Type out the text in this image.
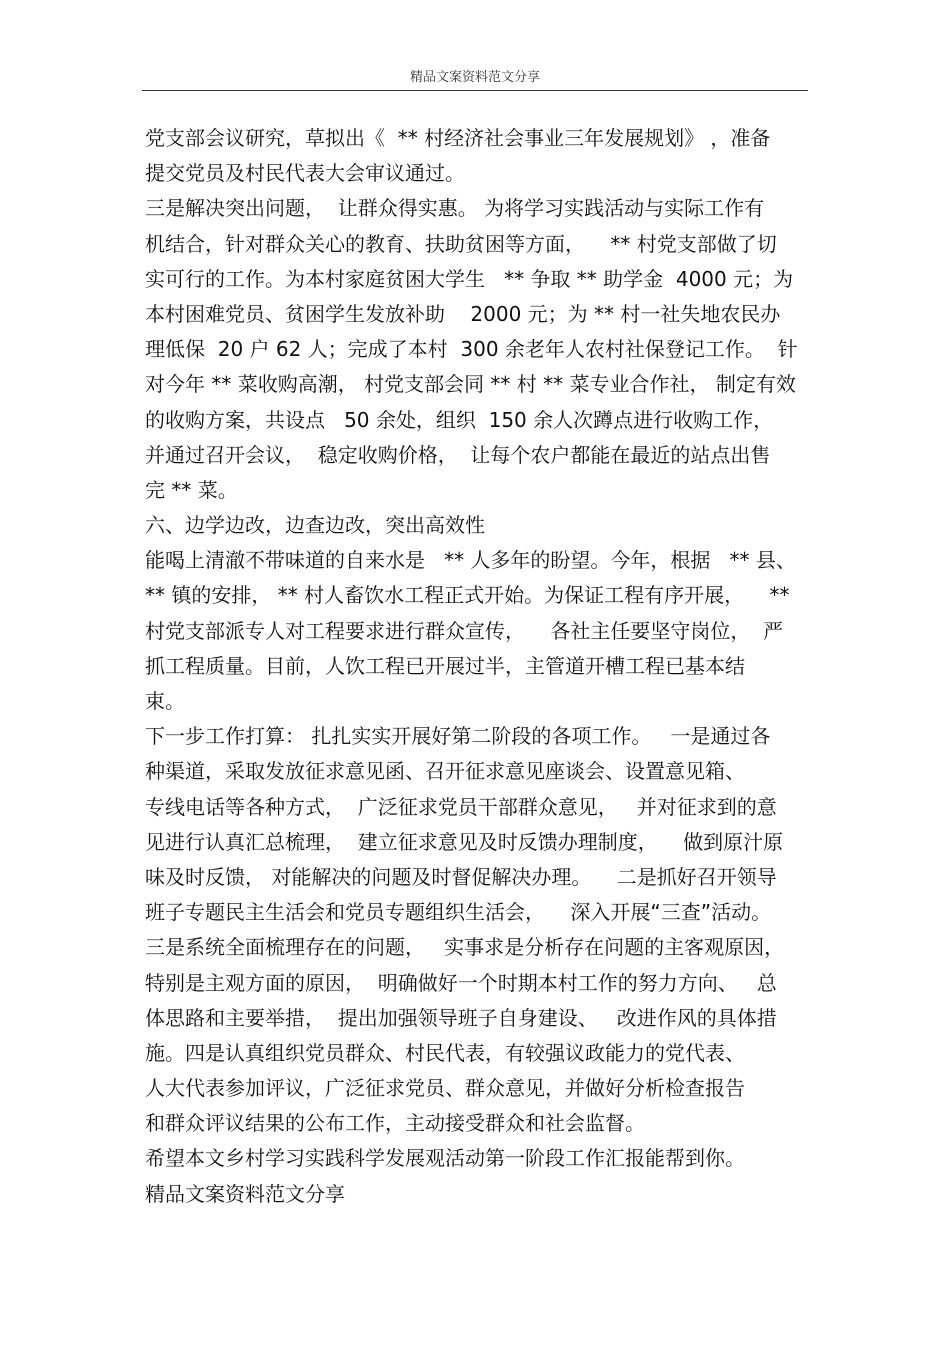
精品文案资料范文分享
党支部会议研究，草拟出《  ** 村经济社会事业三年发展规划》 ，准备
提交党员及村民代表大会审议通过。
三是解决突出问题，  让群众得实惠。 为将学习实践活动与实际工作有
机结合，针对群众关心的教育、扶助贫困等方面，    ** 村党支部做了切
实可行的工作。为本村家庭贫困大学生   ** 争取 ** 助学金  4000 元；为
本村困难党员、贫困学生发放补助    2000 元；为 ** 村一社失地农民办
理低保  20 户 62 人；完成了本村  300 余老年人农村社保登记工作。  针
对今年 ** 菜收购高潮， 村党支部会同 ** 村 ** 菜专业合作社， 制定有效
的收购方案，共设点   50 余处，组织  150 余人次蹲点进行收购工作，
并通过召开会议，  稳定收购价格，  让每个农户都能在最近的站点出售
完 ** 菜。
六、边学边改，边查边改，突出高效性
能喝上清澈不带味道的自来水是   ** 人多年的盼望。今年，根据   ** 县、
** 镇的安排， ** 村人畜饮水工程正式开始。为保证工程有序开展，    **
村党支部派专人对工程要求进行群众宣传，    各社主任要坚守岗位，  严
抓工程质量。目前，人饮工程已开展过半，主管道开槽工程已基本结
束。
下一步工作打算： 扎扎实实开展好第二阶段的各项工作。   一是通过各
种渠道，采取发放征求意见函、召开征求意见座谈会、设置意见箱、
专线电话等各种方式，  广泛征求党员干部群众意见，   并对征求到的意
见进行认真汇总梳理，  建立征求意见及时反馈办理制度，    做到原汁原
味及时反馈， 对能解决的问题及时督促解决办理。    二是抓好召开领导
班子专题民主生活会和党员专题组织生活会，    深入开展“三查”活动。
三是系统全面梳理存在的问题，   实事求是分析存在问题的主客观原因，
特别是主观方面的原因，  明确做好一个时期本村工作的努力方向、   总
体思路和主要举措，  提出加强领导班子自身建设、   改进作风的具体措
施。四是认真组织党员群众、村民代表，有较强议政能力的党代表、
人大代表参加评议，广泛征求党员、群众意见，并做好分析检查报告
和群众评议结果的公布工作，主动接受群众和社会监督。
希望本文乡村学习实践科学发展观活动第一阶段工作汇报能帮到你。
精品文案资料范文分享
